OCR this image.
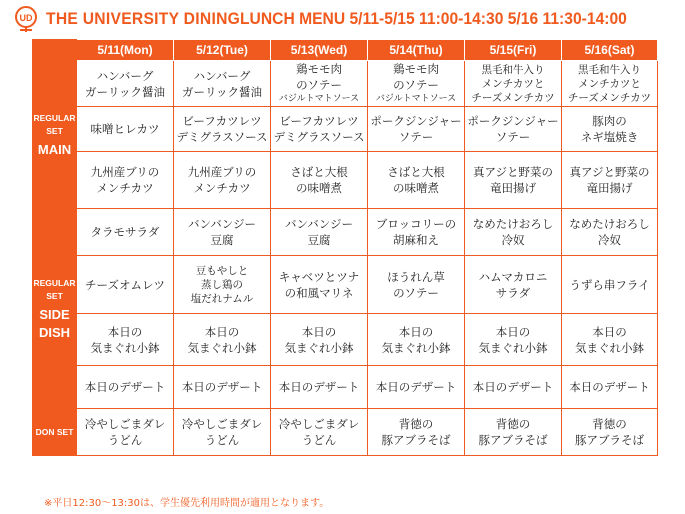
UD THE UNIVERSITY DINING LUNCH MENU 5/11-5/15 11:00-14:30 5/16 11:30-14:00
	5/11(Mon)	5/12(Tue)	5/13(Wed)	5/14(Thu)	5/15(Fri)	5/16(Sat)

REGULAR
SET
MAIN	ハンバーグ
ガーリック醤油	ハンバーグ
ガーリック醤油	鶏モモ肉
のソテー
バジルトマトソース	鶏モモ肉
のソテー
バジルトマトソース	黒毛和牛入り
メンチカツと
チーズメンチカツ	黒毛和牛入り
メンチカツと
チーズメンチカツ

	味噌ヒレカツ	ビーフカツレツ
デミグラスソース	ビーフカツレツ
デミグラスソース	ポークジンジャー
ソテー	ポークジンジャー
ソテー	豚肉の
ネギ塩焼き

	九州産ブリの
メンチカツ	九州産ブリの
メンチカツ	さばと大根
の味噌煮	さばと大根
の味噌煮	真アジと野菜の
竜田揚げ	真アジと野菜の
竜田揚げ

REGULAR
SET
SIDE
DISH	タラモサラダ	バンバンジー
豆腐	バンバンジー
豆腐	ブロッコリーの
胡麻和え	なめたけおろし
冷奴	なめたけおろし
冷奴

	チーズオムレツ	豆もやしと
蒸し鶏の
塩だれナムル	キャベツとツナ
の和風マリネ	ほうれん草
のソテー	ハムマカロニ
サラダ	うずら串フライ

	本日の
気まぐれ小鉢	本日の
気まぐれ小鉢	本日の
気まぐれ小鉢	本日の
気まぐれ小鉢	本日の
気まぐれ小鉢	本日の
気まぐれ小鉢

	本日のデザート	本日のデザート	本日のデザート	本日のデザート	本日のデザート	本日のデザート

DON SET	冷やしごまダレ
うどん	冷やしごまダレ
うどん	冷やしごまダレ
うどん	背徳の
豚アブラそば	背徳の
豚アブラそば	背徳の
豚アブラそば
※平日12:30～13:30は、学生優先利用時間が適用となります。
